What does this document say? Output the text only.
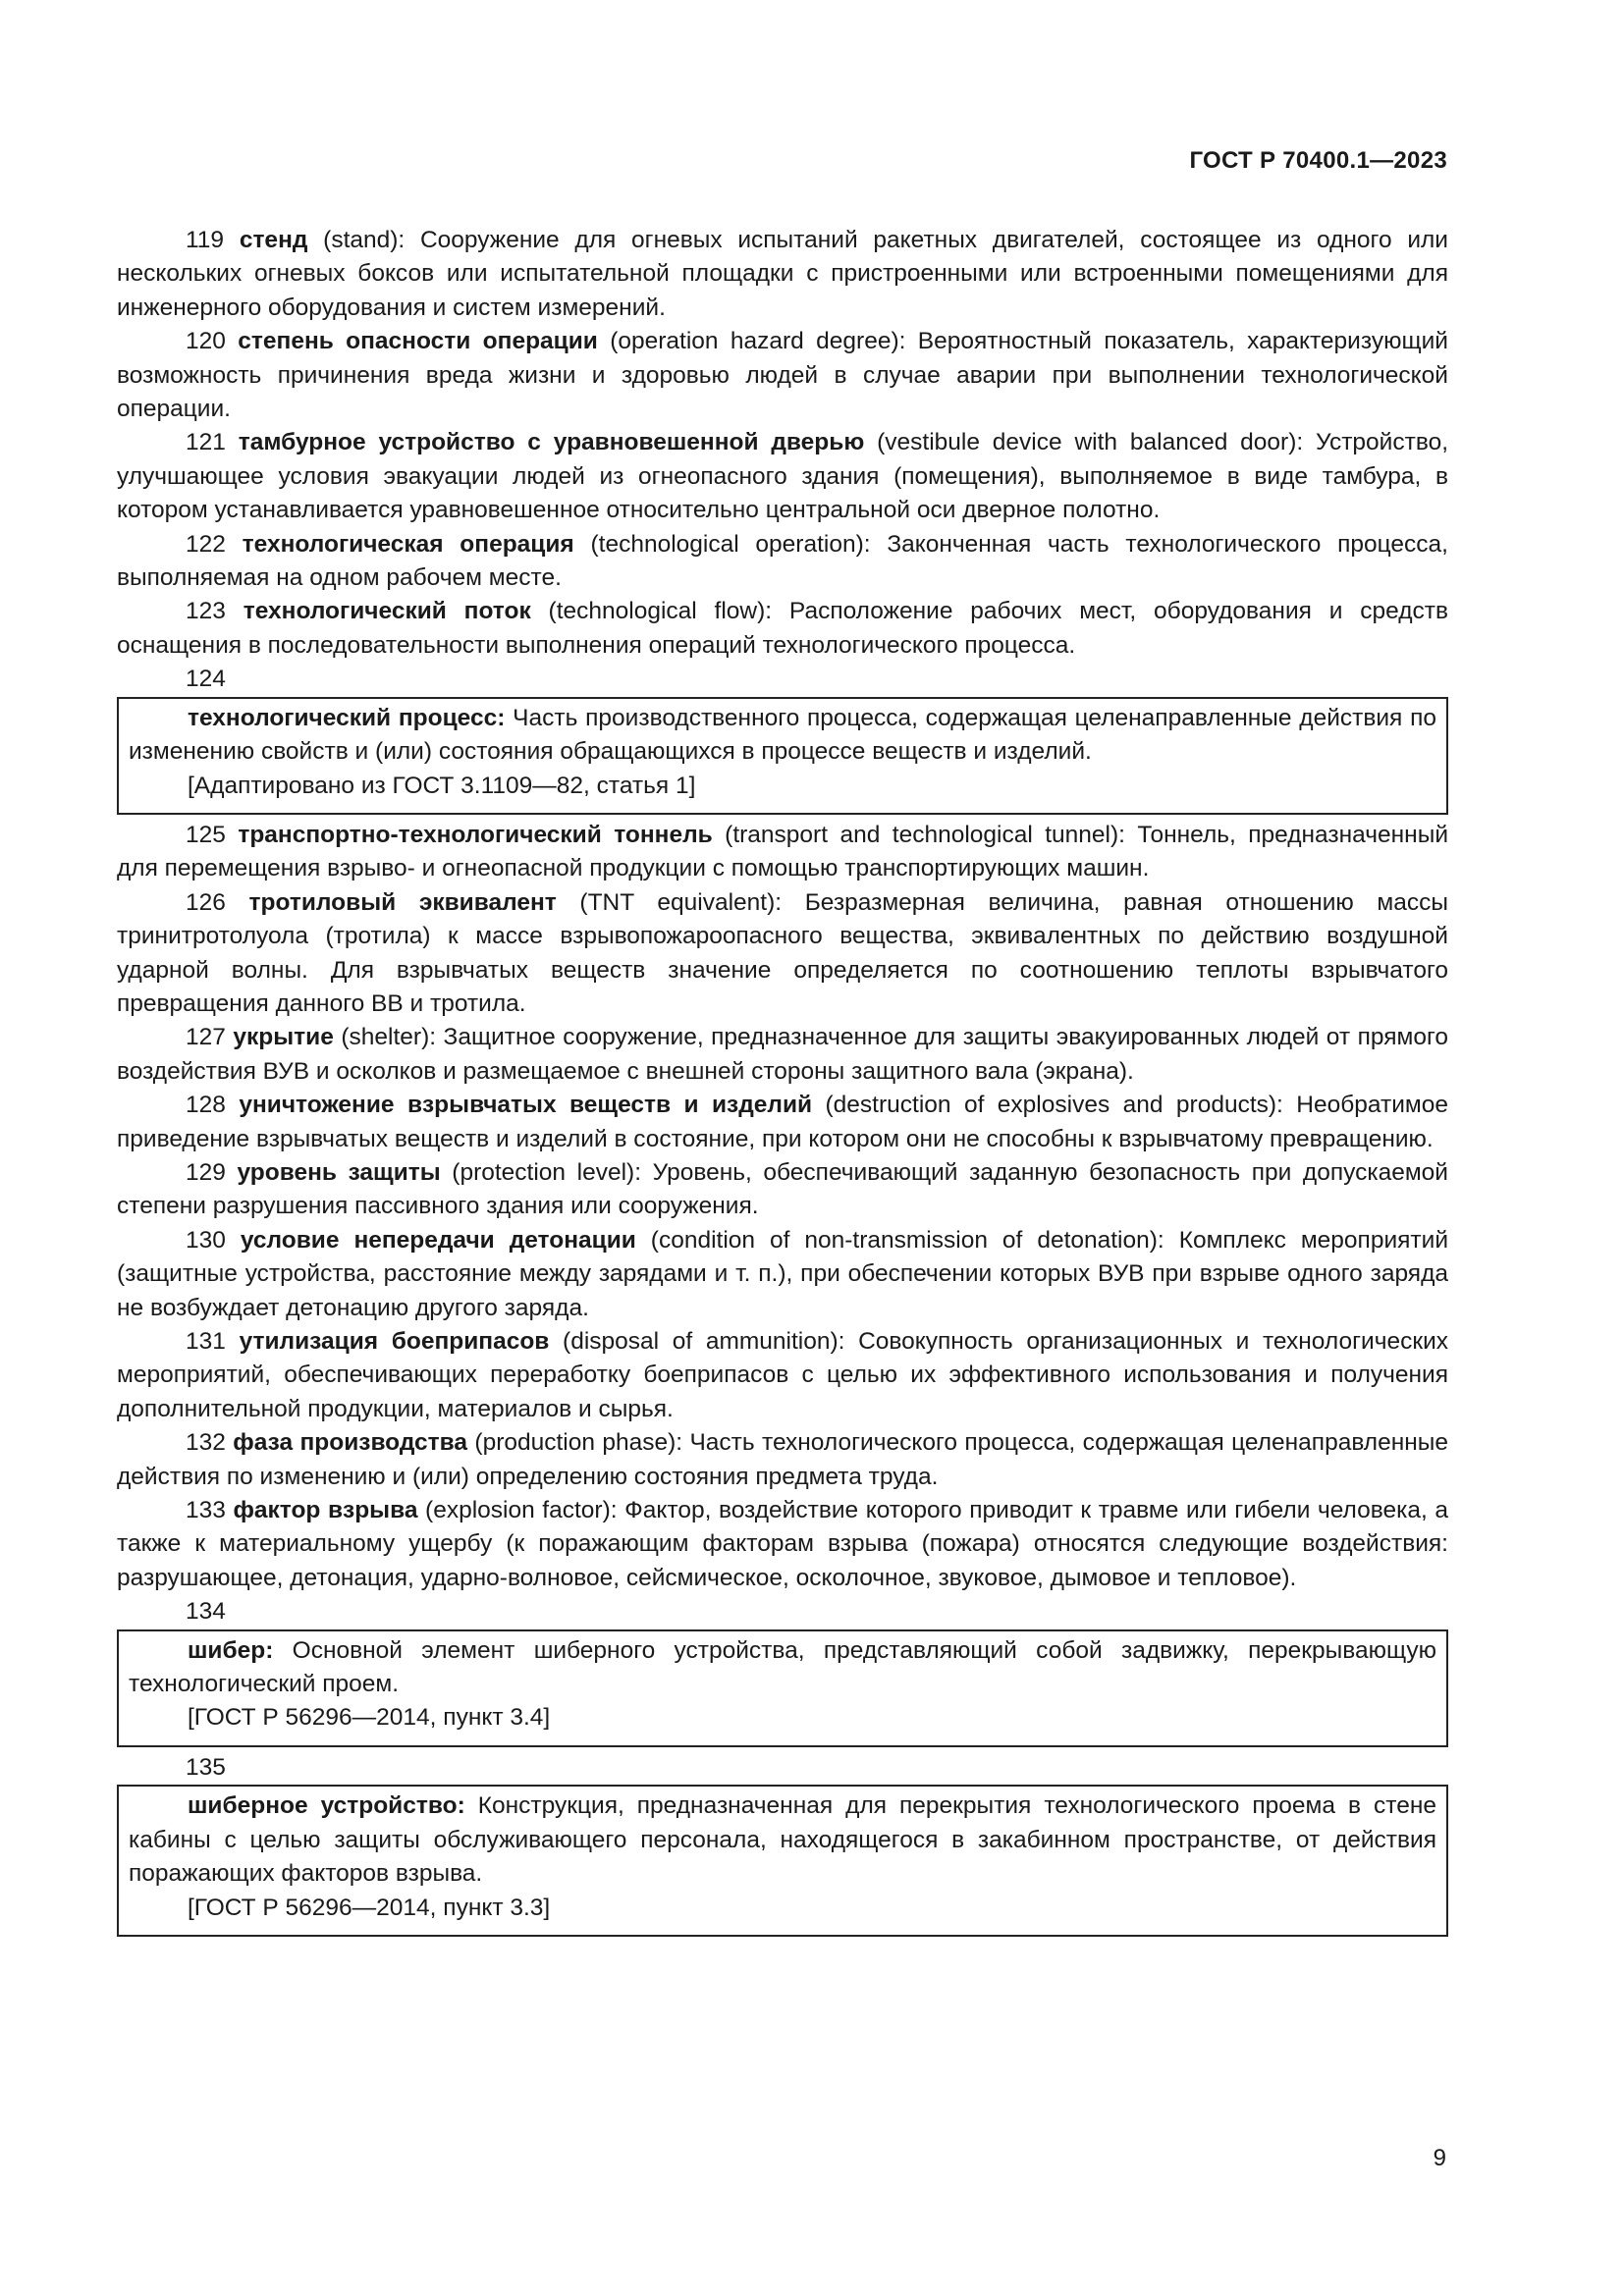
ГОСТ Р 70400.1—2023

119 стенд (stand): Сооружение для огневых испытаний ракетных двигателей, состоящее из одного или нескольких огневых боксов или испытательной площадки с пристроенными или встроенными помещениями для инженерного оборудования и систем измерений.

120 степень опасности операции (operation hazard degree): Вероятностный показатель, характеризующий возможность причинения вреда жизни и здоровью людей в случае аварии при выполнении технологической операции.

121 тамбурное устройство с уравновешенной дверью (vestibule device with balanced door): Устройство, улучшающее условия эвакуации людей из огнеопасного здания (помещения), выполняемое в виде тамбура, в котором устанавливается уравновешенное относительно центральной оси дверное полотно.

122 технологическая операция (technological operation): Законченная часть технологического процесса, выполняемая на одном рабочем месте.

123 технологический поток (technological flow): Расположение рабочих мест, оборудования и средств оснащения в последовательности выполнения операций технологического процесса.

124

технологический процесс: Часть производственного процесса, содержащая целенаправленные действия по изменению свойств и (или) состояния обращающихся в процессе веществ и изделий.

[Адаптировано из ГОСТ 3.1109—82, статья 1]

125 транспортно-технологический тоннель (transport and technological tunnel): Тоннель, предназначенный для перемещения взрыво- и огнеопасной продукции с помощью транспортирующих машин.

126 тротиловый эквивалент (TNT equivalent): Безразмерная величина, равная отношению массы тринитротолуола (тротила) к массе взрывопожароопасного вещества, эквивалентных по действию воздушной ударной волны. Для взрывчатых веществ значение определяется по соотношению теплоты взрывчатого превращения данного ВВ и тротила.

127 укрытие (shelter): Защитное сооружение, предназначенное для защиты эвакуированных людей от прямого воздействия ВУВ и осколков и размещаемое с внешней стороны защитного вала (экрана).

128 уничтожение взрывчатых веществ и изделий (destruction of explosives and products): Необратимое приведение взрывчатых веществ и изделий в состояние, при котором они не способны к взрывчатому превращению.

129 уровень защиты (protection level): Уровень, обеспечивающий заданную безопасность при допускаемой степени разрушения пассивного здания или сооружения.

130 условие непередачи детонации (condition of non-transmission of detonation): Комплекс мероприятий (защитные устройства, расстояние между зарядами и т. п.), при обеспечении которых ВУВ при взрыве одного заряда не возбуждает детонацию другого заряда.

131 утилизация боеприпасов (disposal of ammunition): Совокупность организационных и технологических мероприятий, обеспечивающих переработку боеприпасов с целью их эффективного использования и получения дополнительной продукции, материалов и сырья.

132 фаза производства (production phase): Часть технологического процесса, содержащая целенаправленные действия по изменению и (или) определению состояния предмета труда.

133 фактор взрыва (explosion factor): Фактор, воздействие которого приводит к травме или гибели человека, а также к материальному ущербу (к поражающим факторам взрыва (пожара) относятся следующие воздействия: разрушающее, детонация, ударно-волновое, сейсмическое, осколочное, звуковое, дымовое и тепловое).

134

шибер: Основной элемент шиберного устройства, представляющий собой задвижку, перекрывающую технологический проем.

[ГОСТ Р 56296—2014, пункт 3.4]

135

шиберное устройство: Конструкция, предназначенная для перекрытия технологического проема в стене кабины с целью защиты обслуживающего персонала, находящегося в закабинном пространстве, от действия поражающих факторов взрыва.

[ГОСТ Р 56296—2014, пункт 3.3]

9
